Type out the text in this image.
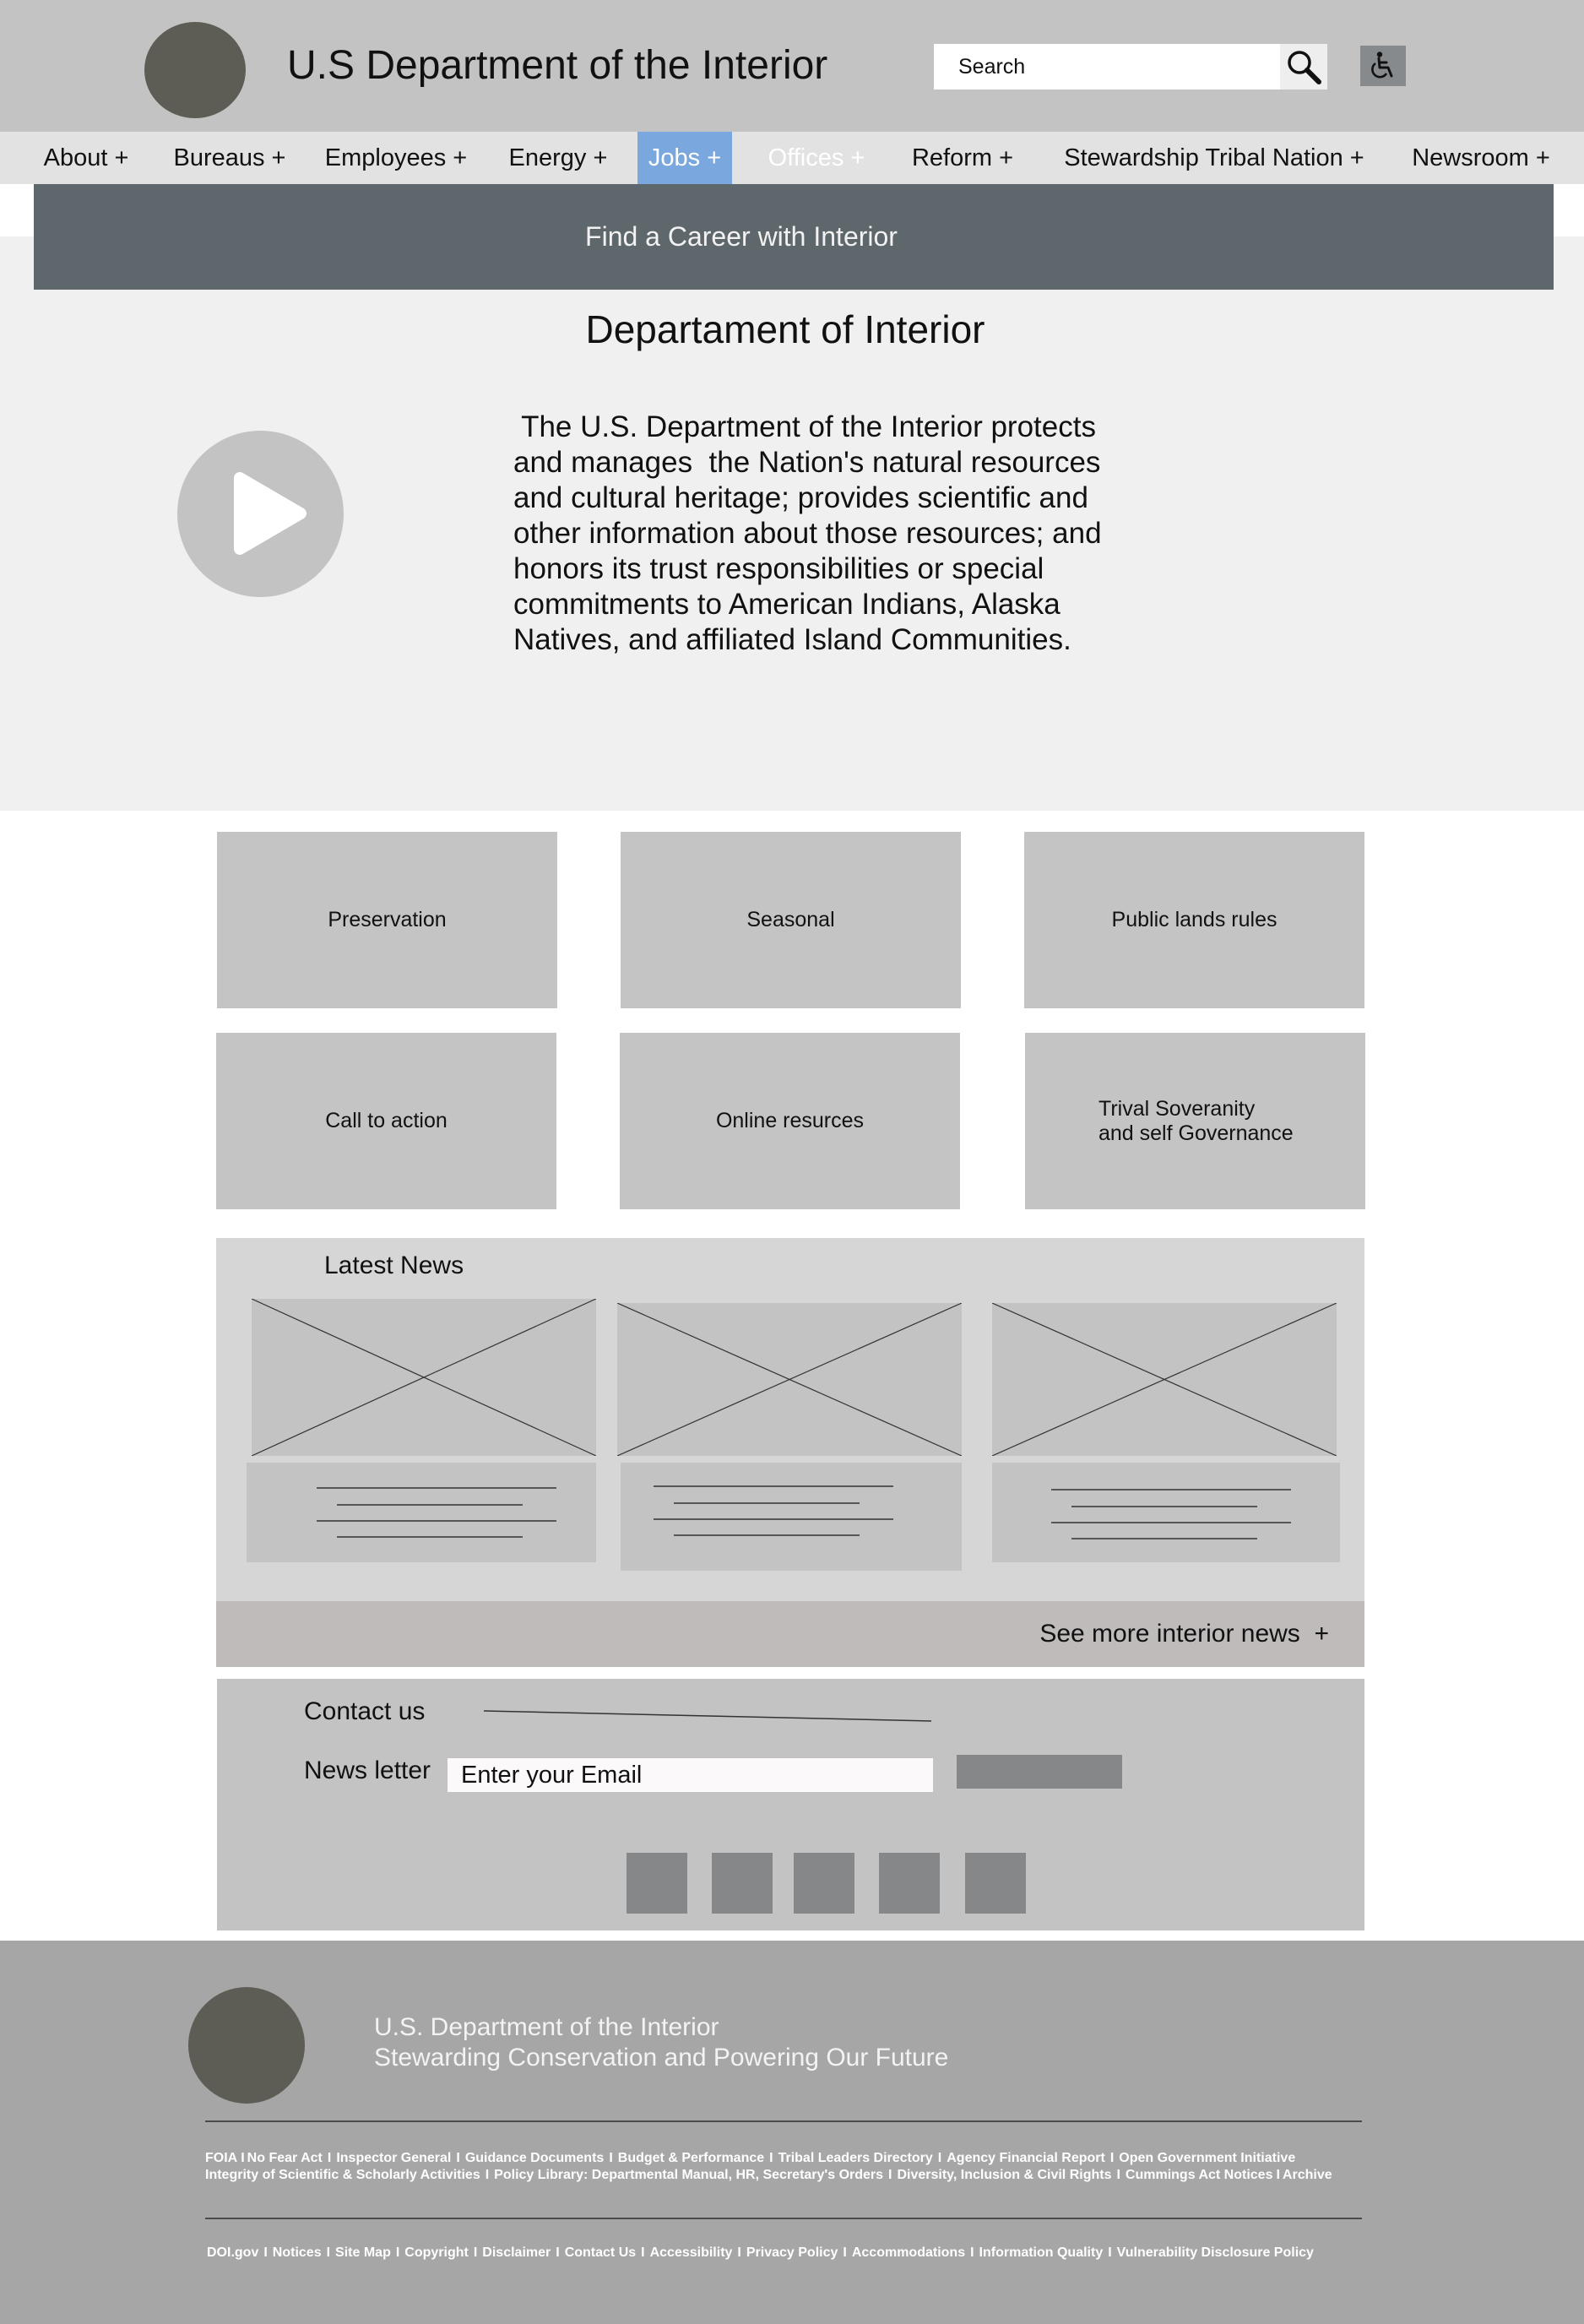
U.S Department of the Interior
Search
About +	Bureaus +	Employees +	Energy +	Jobs +	Offices +	Reform +	Stewardship Tribal Nation +	Newsroom +
Find a Career with Interior
Departament of Interior

The U.S. Department of the Interior protects

and manages  the Nation's natural resources

and cultural heritage; provides scientific and

other information about those resources; and

honors its trust responsibilities or special

commitments to American Indians, Alaska

Natives, and affiliated Island Communities.

Preservation	Seasonal	Public lands rules
Call to action	Online resurces
Trival Soveranity
and self Governance
Latest News
See more interior news  +
Contact us
News letter
Enter your Email
U.S. Department of the Interior
Stewarding Conservation and Powering Our Future
FOIA I No Fear Act I Inspector General I Guidance Documents I Budget & Performance I Tribal Leaders Directory I Agency Financial Report I Open Government Initiative
Integrity of Scientific & Scholarly Activities I Policy Library: Departmental Manual, HR, Secretary's Orders I Diversity, Inclusion & Civil Rights I Cummings Act Notices I Archive
DOI.gov I Notices I Site Map I Copyright I Disclaimer I Contact Us I Accessibility I Privacy Policy I Accommodations I Information Quality I Vulnerability Disclosure Policy
